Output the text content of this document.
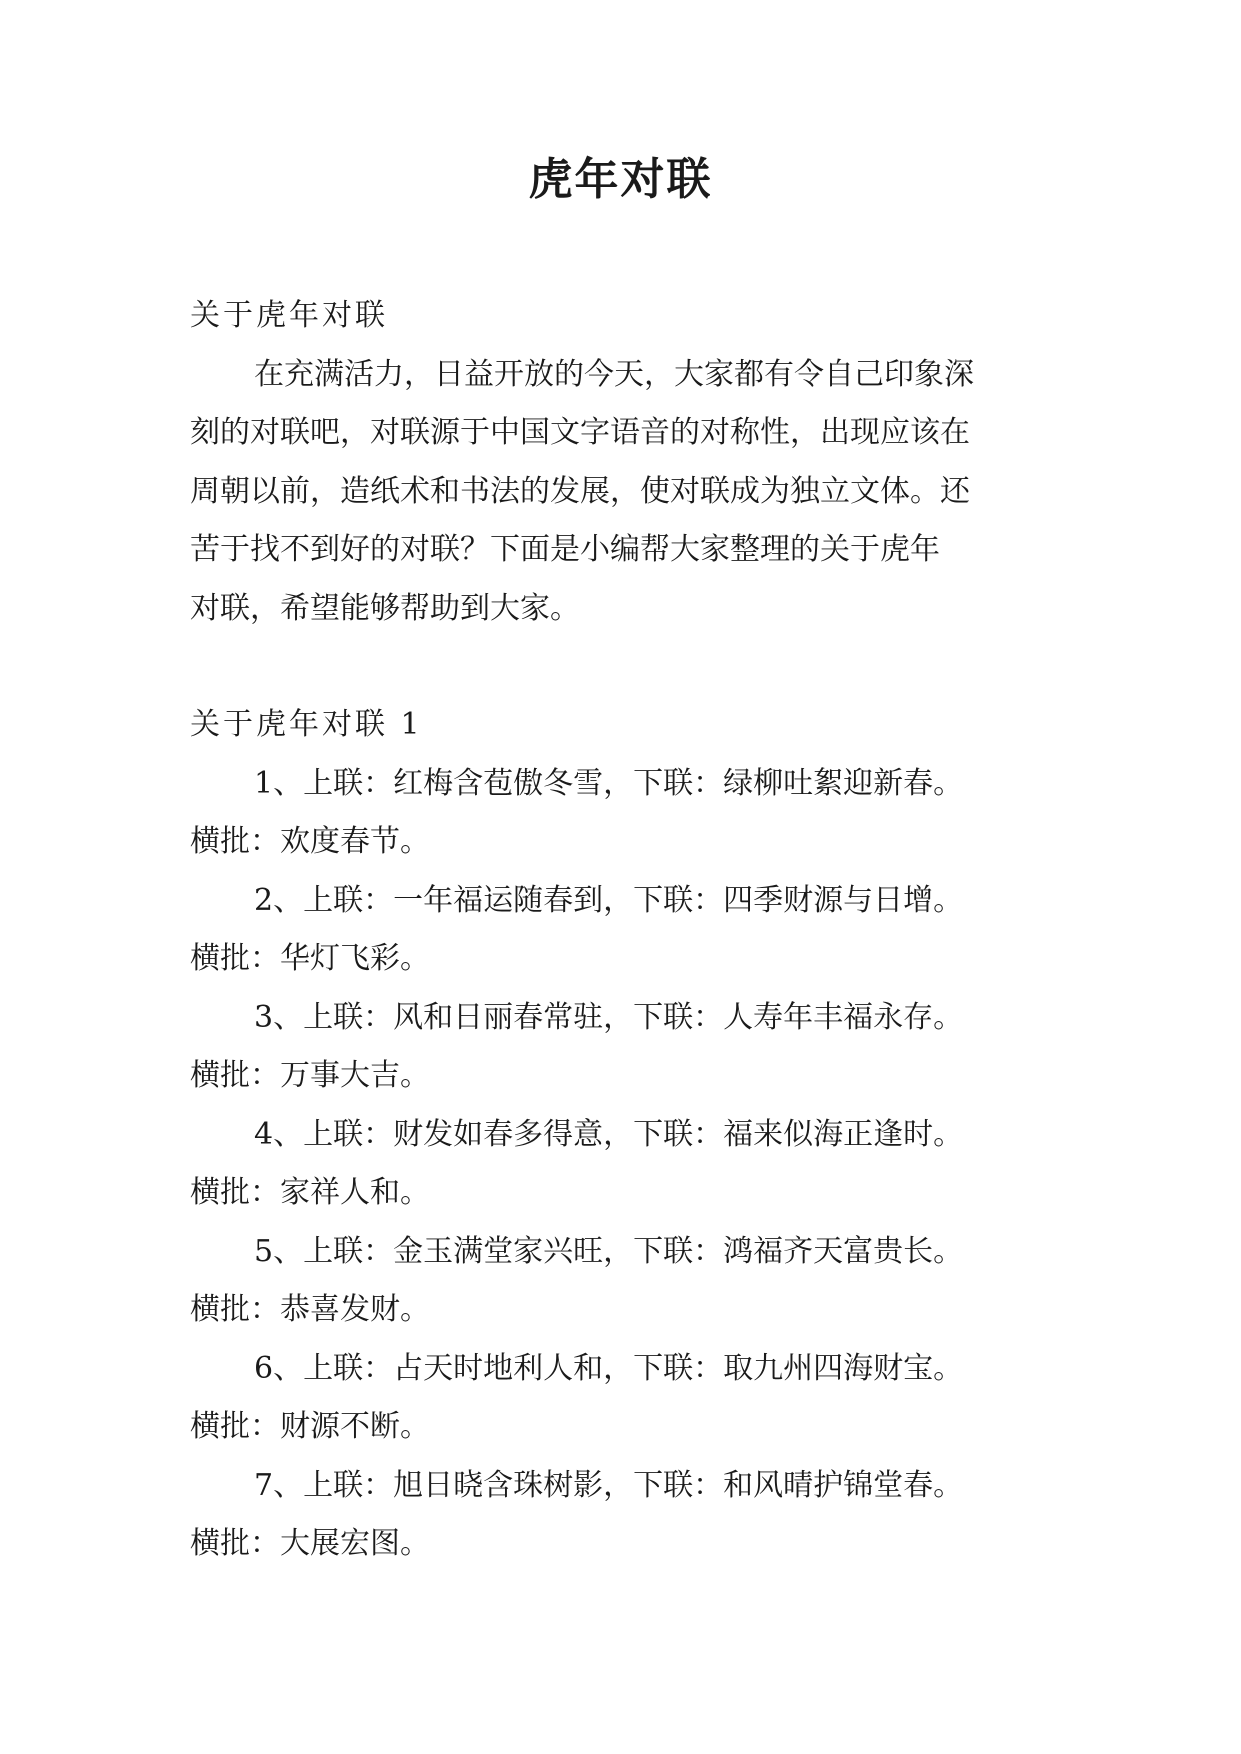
虎年对联

关于虎年对联

在充满活力，日益开放的今天，大家都有令自己印象深
刻的对联吧，对联源于中国文字语音的对称性，出现应该在
周朝以前，造纸术和书法的发展，使对联成为独立文体。还
苦于找不到好的对联？下面是小编帮大家整理的关于虎年
对联，希望能够帮助到大家。

关于虎年对联 1

1、上联：红梅含苞傲冬雪，下联：绿柳吐絮迎新春。
横批：欢度春节。
2、上联：一年福运随春到，下联：四季财源与日增。
横批：华灯飞彩。
3、上联：风和日丽春常驻，下联：人寿年丰福永存。
横批：万事大吉。
4、上联：财发如春多得意，下联：福来似海正逢时。
横批：家祥人和。
5、上联：金玉满堂家兴旺，下联：鸿福齐天富贵长。
横批：恭喜发财。
6、上联：占天时地利人和，下联：取九州四海财宝。
横批：财源不断。
7、上联：旭日晓含珠树影，下联：和风晴护锦堂春。
横批：大展宏图。
